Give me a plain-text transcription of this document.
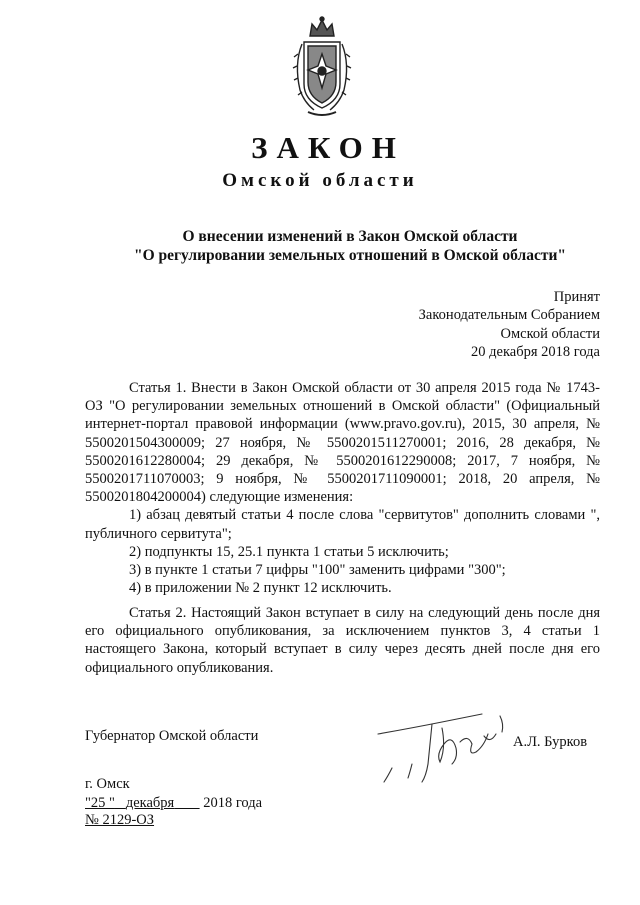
ЗАКОН
Омской области
О внесении изменений в Закон Омской области
"О регулировании земельных отношений в Омской области"
Принят
Законодательным Собранием
Омской области
20 декабря 2018 года
Статья 1. Внести в Закон Омской области от 30 апреля 2015 года № 1743-ОЗ "О регулировании земельных отношений в Омской области" (Официальный интернет-портал правовой информации (www.pravo.gov.ru), 2015, 30 апреля, № 5500201504300009; 27 ноября, № 5500201511270001; 2016, 28 декабря, № 5500201612280004; 29 декабря, № 5500201612290008; 2017, 7 ноября, № 5500201711070003; 9 ноября, № 5500201711090001; 2018, 20 апреля, № 5500201804200004) следующие изменения:
1) абзац девятый статьи 4 после слова "сервитутов" дополнить словами ", публичного сервитута";
2) подпункты 15, 25.1 пункта 1 статьи 5 исключить;
3) в пункте 1 статьи 7 цифры "100" заменить цифрами "300";
4) в приложении № 2 пункт 12 исключить.
Статья 2. Настоящий Закон вступает в силу на следующий день после дня его официального опубликования, за исключением пунктов 3, 4 статьи 1 настоящего Закона, который вступает в силу через десять дней после дня его официального опубликования.
Губернатор Омской области	А.Л. Бурков
г. Омск
"25 " декабря 2018 года
№ 2129-ОЗ
